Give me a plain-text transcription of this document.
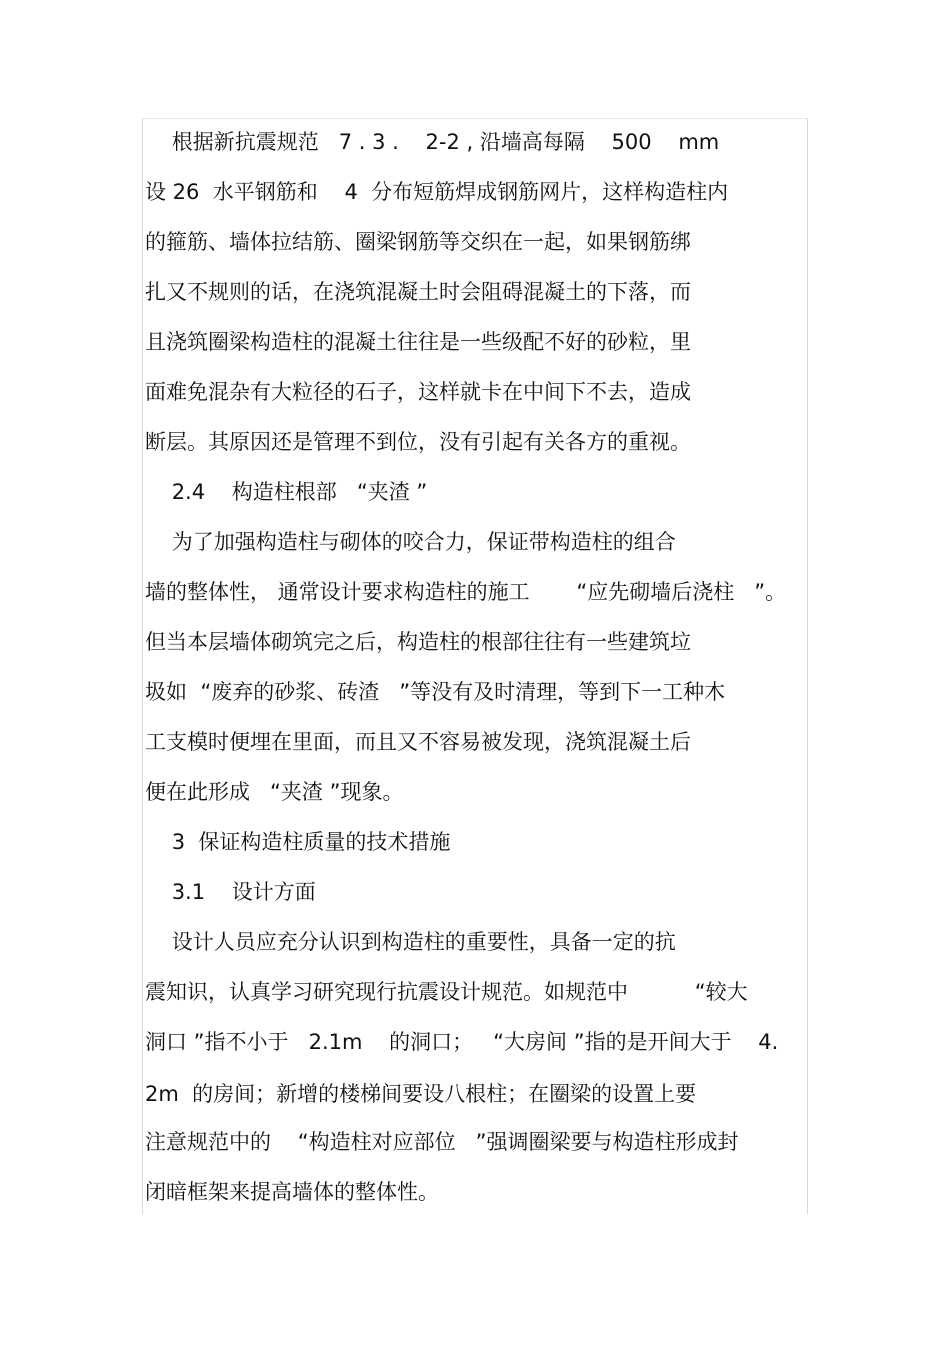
根据新抗震规范   7 . 3 .    2-2 , 沿墙高每隔    500    mm
设 26  水平钢筋和    4  分布短筋焊成钢筋网片，这样构造柱内
的箍筋、墙体拉结筋、圈梁钢筋等交织在一起，如果钢筋绑
扎又不规则的话，在浇筑混凝土时会阻碍混凝土的下落，而
且浇筑圈梁构造柱的混凝土往往是一些级配不好的砂粒，里
面难免混杂有大粒径的石子，这样就卡在中间下不去，造成
断层。其原因还是管理不到位，没有引起有关各方的重视。
2.4    构造柱根部   “夹渣 ”
为了加强构造柱与砌体的咬合力，保证带构造柱的组合
墙的整体性， 通常设计要求构造柱的施工       “应先砌墙后浇柱   ”。
但当本层墙体砌筑完之后，构造柱的根部往往有一些建筑垃
圾如  “废弃的砂浆、砖渣   ”等没有及时清理，等到下一工种木
工支模时便埋在里面，而且又不容易被发现，浇筑混凝土后
便在此形成   “夹渣 ”现象。
3  保证构造柱质量的技术措施
3.1    设计方面
设计人员应充分认识到构造柱的重要性，具备一定的抗
震知识，认真学习研究现行抗震设计规范。如规范中          “较大
洞口 ”指不小于   2.1m    的洞口；   “大房间 ”指的是开间大于    4.
2m  的房间；新增的楼梯间要设八根柱；在圈梁的设置上要
注意规范中的    “构造柱对应部位   ”强调圈梁要与构造柱形成封
闭暗框架来提高墙体的整体性。
